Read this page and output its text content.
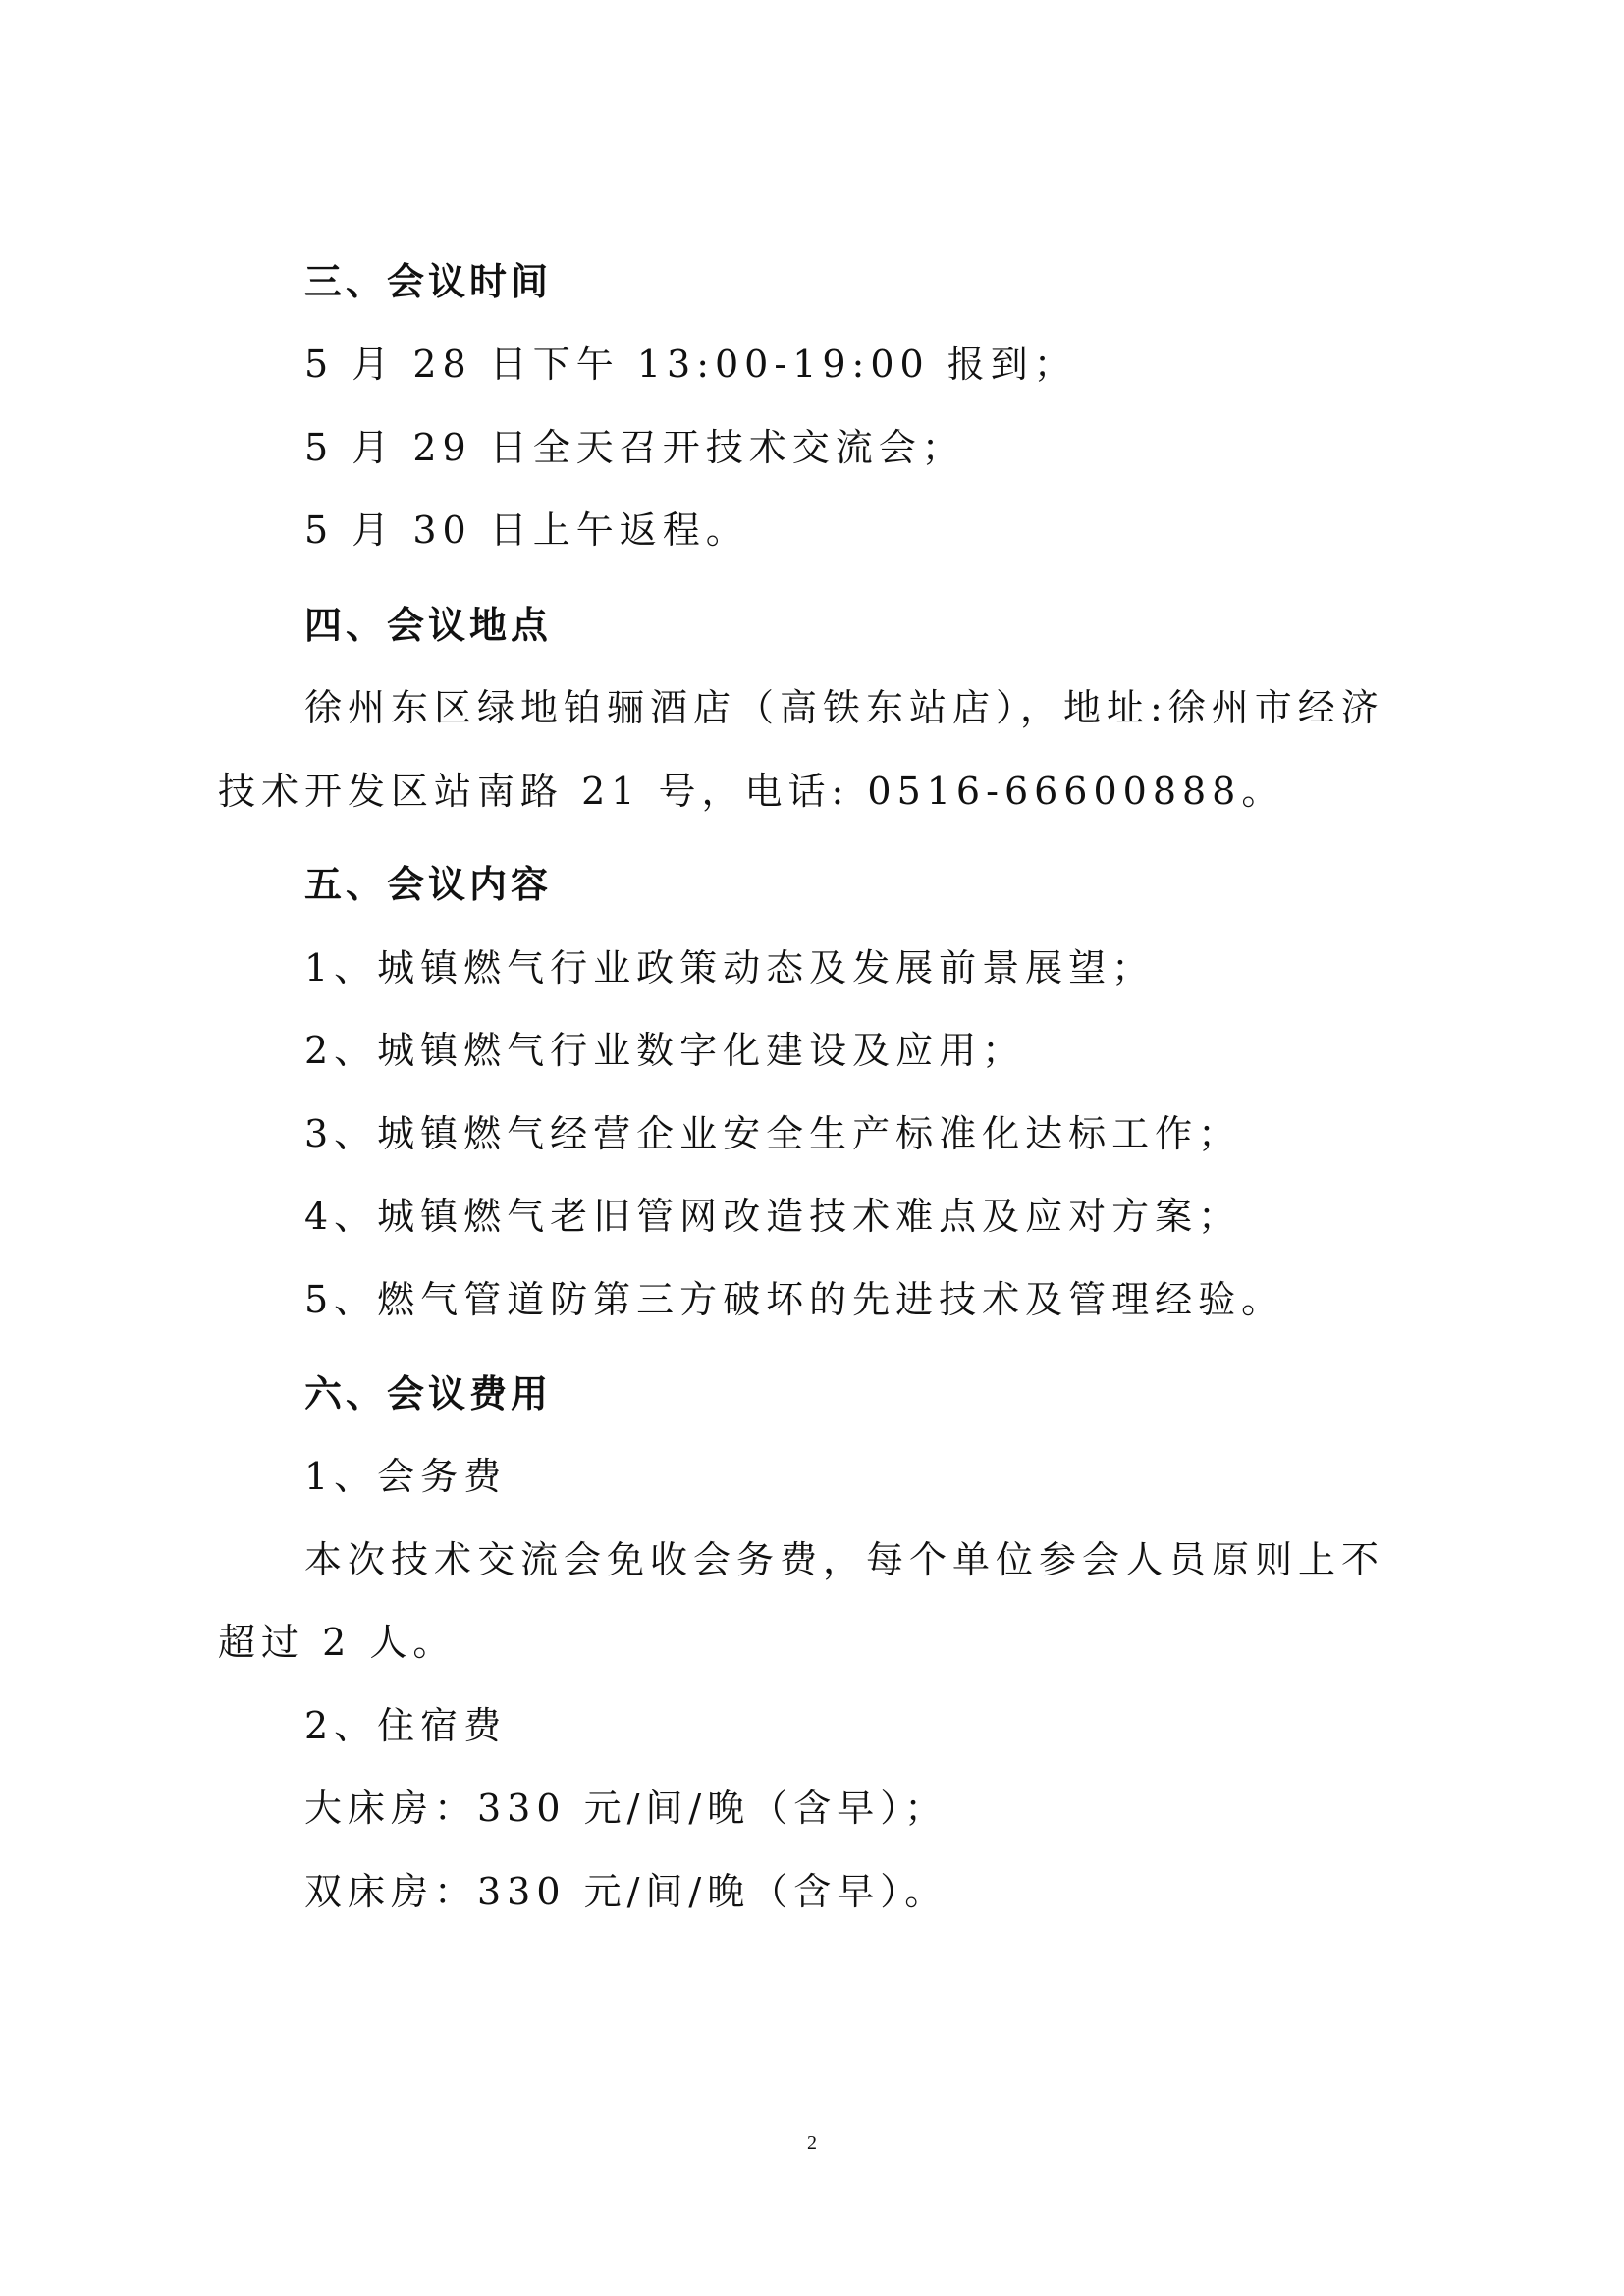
三、会议时间
5 月 28 日下午 13:00-19:00 报到；
5 月 29 日全天召开技术交流会；
5 月 30 日上午返程。
四、会议地点
徐州东区绿地铂骊酒店（高铁东站店），地址:徐州市经济
技术开发区站南路 21 号，电话: 0516-66600888。
五、会议内容
1、城镇燃气行业政策动态及发展前景展望；
2、城镇燃气行业数字化建设及应用；
3、城镇燃气经营企业安全生产标准化达标工作；
4、城镇燃气老旧管网改造技术难点及应对方案；
5、燃气管道防第三方破坏的先进技术及管理经验。
六、会议费用
1、会务费
本次技术交流会免收会务费，每个单位参会人员原则上不
超过 2 人。
2、住宿费
大床房：330 元/间/晚（含早）；
双床房：330 元/间/晚（含早）。
2
